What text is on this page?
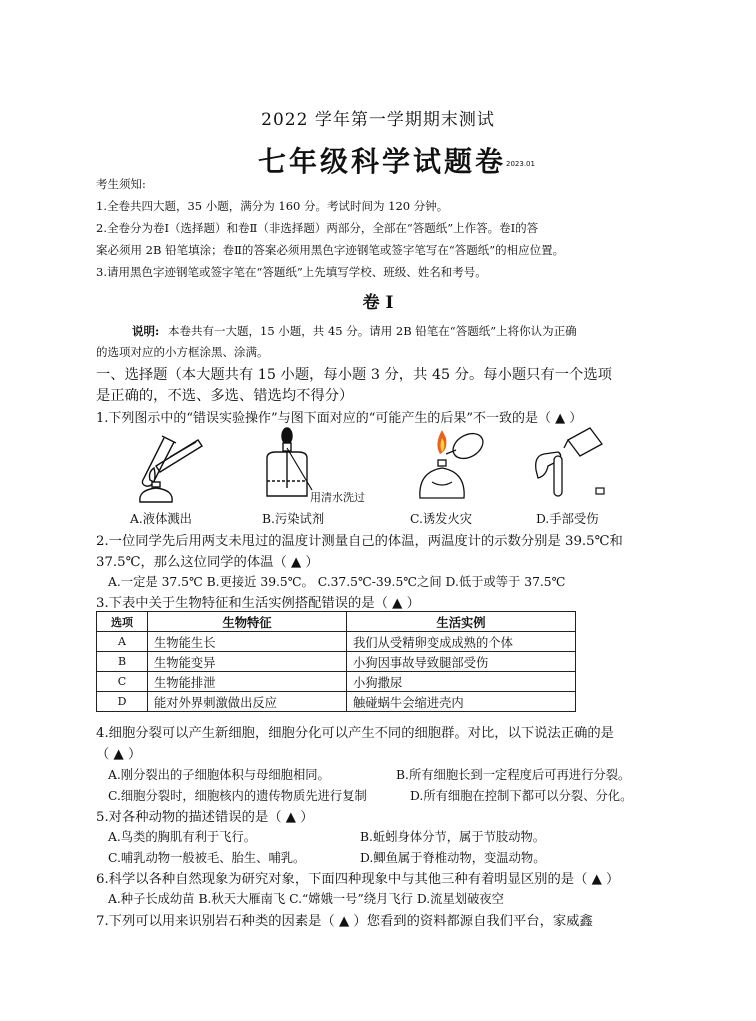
2022 学年第一学期期末测试
七年级科学试题卷 2023.01
考生须知:
1.全卷共四大题，35 小题，满分为 160 分。考试时间为 120 分钟。
2.全卷分为卷Ⅰ（选择题）和卷Ⅱ（非选择题）两部分，全部在“答题纸”上作答。卷Ⅰ的答
案必须用 2B 铅笔填涂；卷Ⅱ的答案必须用黑色字迹钢笔或签字笔写在“答题纸”的相应位置。
3.请用黑色字迹钢笔或签字笔在“答题纸”上先填写学校、班级、姓名和考号。
卷 Ⅰ
说明: 本卷共有一大题，15 小题，共 45 分。请用 2B 铅笔在“答题纸”上将你认为正确
的选项对应的小方框涂黑、涂满。
一、选择题（本大题共有 15 小题，每小题 3 分，共 45 分。每小题只有一个选项
是正确的，不选、多选、错选均不得分）
1.下列图示中的“错误实验操作”与图下面对应的“可能产生的后果”不一致的是（ ▲ ）
用清水洗过
A.液体溅出	B.污染试剂	C.诱发火灾	D.手部受伤
2.一位同学先后用两支未甩过的温度计测量自己的体温，两温度计的示数分别是 39.5℃和
37.5℃，那么这位同学的体温（ ▲ ）
A.一定是 37.5℃ B.更接近 39.5℃。 C.37.5℃-39.5℃之间 D.低于或等于 37.5℃
3.下表中关于生物特征和生活实例搭配错误的是（ ▲ ）
选项	生物特征	生活实例
A	生物能生长	我们从受精卵变成成熟的个体
B	生物能变异	小狗因事故导致腿部受伤
C	生物能排泄	小狗撒尿
D	能对外界刺激做出反应	触碰蜗牛会缩进壳内
4.细胞分裂可以产生新细胞，细胞分化可以产生不同的细胞群。对比，以下说法正确的是
（ ▲ ）
A.刚分裂出的子细胞体积与母细胞相同。	B.所有细胞长到一定程度后可再进行分裂。
C.细胞分裂时，细胞核内的遗传物质先进行复制	D.所有细胞在控制下都可以分裂、分化。
5.对各种动物的描述错误的是（ ▲ ）
A.鸟类的胸肌有利于飞行。	B.蚯蚓身体分节，属于节肢动物。
C.哺乳动物一般被毛、胎生、哺乳。	D.鲫鱼属于脊椎动物，变温动物。
6.科学以各种自然现象为研究对象，下面四种现象中与其他三种有着明显区别的是（ ▲ ）
A.种子长成幼苗 B.秋天大雁南飞 C.“嫦娥一号”绕月飞行 D.流星划破夜空
7.下列可以用来识别岩石种类的因素是（ ▲ ）您看到的资料都源自我们平台，家威鑫
